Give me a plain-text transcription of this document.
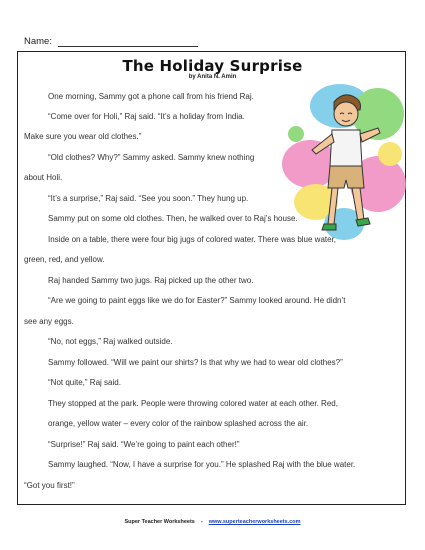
Name:
The Holiday Surprise
by Anita N. Amin
One morning, Sammy got a phone call from his friend Raj.
“Come over for Holi,” Raj said. “It’s a holiday from India.
Make sure you wear old clothes.”
“Old clothes? Why?” Sammy asked. Sammy knew nothing
about Holi.
“It’s a surprise,” Raj said. “See you soon.” They hung up.
Sammy put on some old clothes. Then, he walked over to Raj’s house.
Inside on a table, there were four big jugs of colored water. There was blue water,
green, red, and yellow.
Raj handed Sammy two jugs. Raj picked up the other two.
“Are we going to paint eggs like we do for Easter?” Sammy looked around. He didn’t
see any eggs.
“No, not eggs,” Raj walked outside.
Sammy followed. “Will we paint our shirts? Is that why we had to wear old clothes?”
“Not quite,” Raj said.
They stopped at the park. People were throwing colored water at each other. Red,
orange, yellow water – every color of the rainbow splashed across the air.
“Surprise!” Raj said. “We’re going to paint each other!”
Sammy laughed. “Now, I have a surprise for you.” He splashed Raj with the blue water.
“Got you first!”
Super Teacher Worksheets - www.superteacherworksheets.com
